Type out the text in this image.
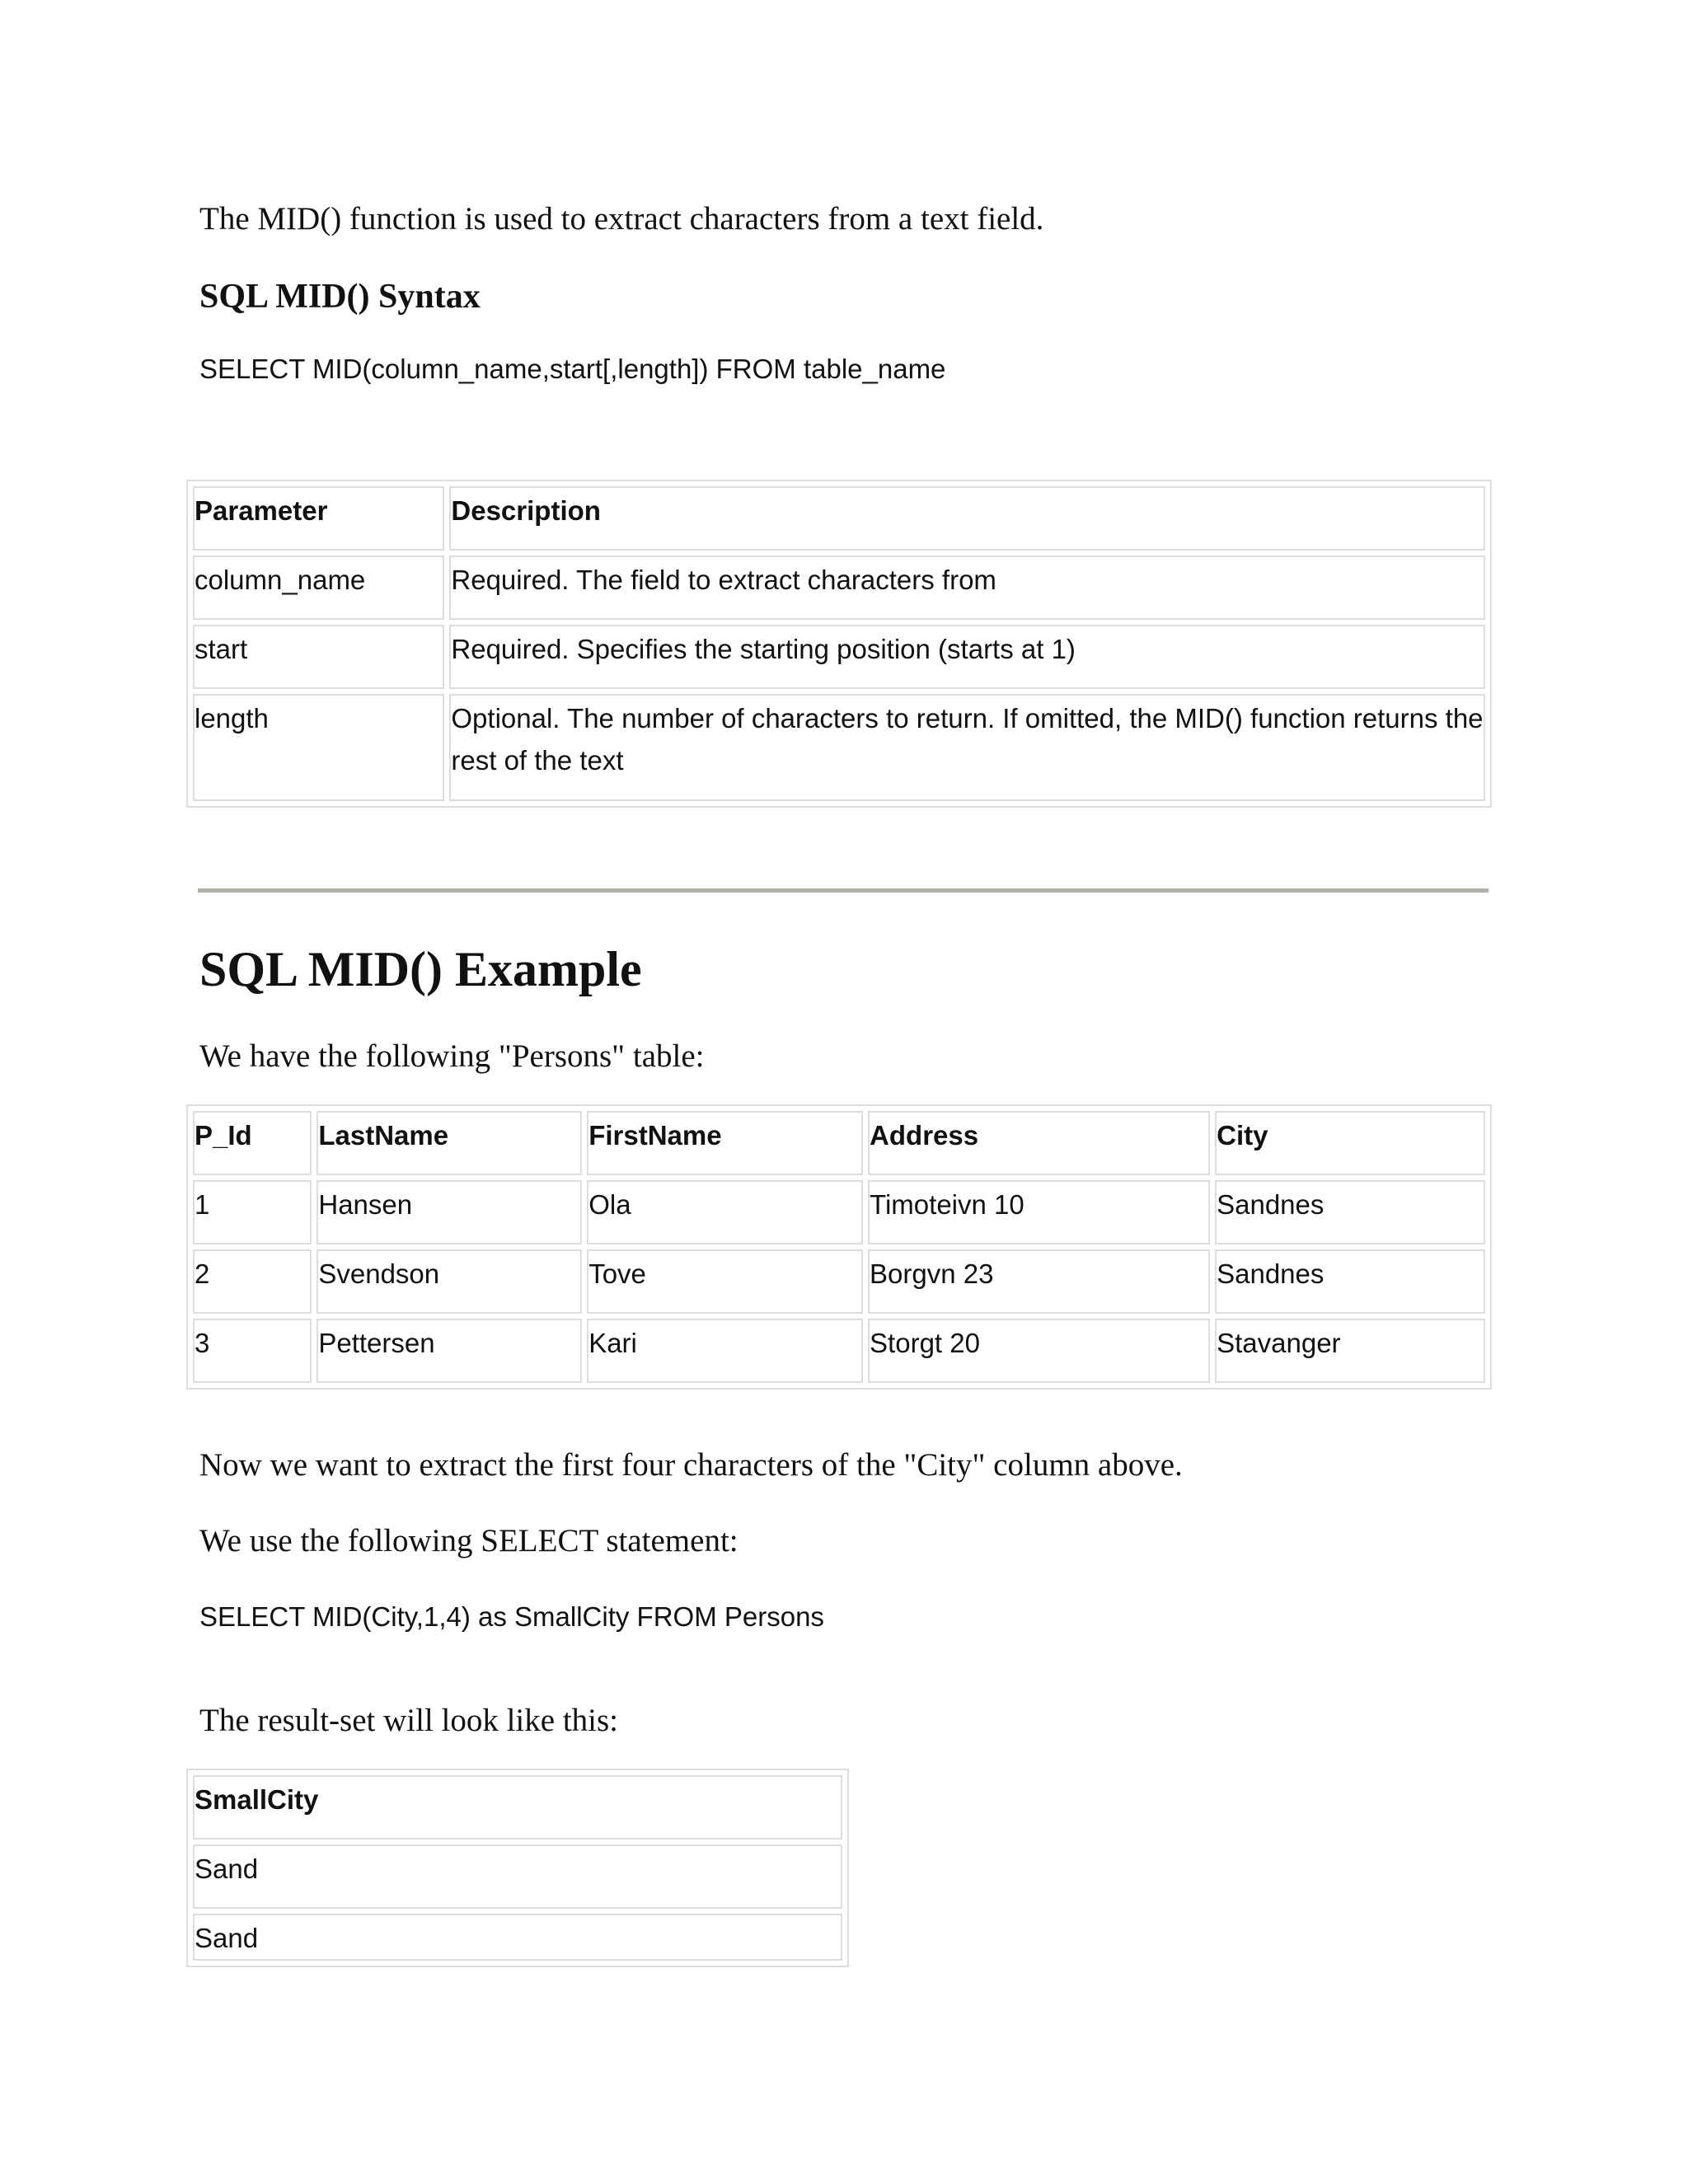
The MID() function is used to extract characters from a text field.
SQL MID() Syntax
SELECT MID(column_name,start[,length]) FROM table_name
Parameter	Description
column_name	Required. The field to extract characters from
start	Required. Specifies the starting position (starts at 1)
length	Optional. The number of characters to return. If omitted, the MID() function returns the rest of the text
SQL MID() Example
We have the following "Persons" table:
P_Id	LastName	FirstName	Address	City
1	Hansen	Ola	Timoteivn 10	Sandnes
2	Svendson	Tove	Borgvn 23	Sandnes
3	Pettersen	Kari	Storgt 20	Stavanger
Now we want to extract the first four characters of the "City" column above.
We use the following SELECT statement:
SELECT MID(City,1,4) as SmallCity FROM Persons
The result-set will look like this:
SmallCity
Sand
Sand
